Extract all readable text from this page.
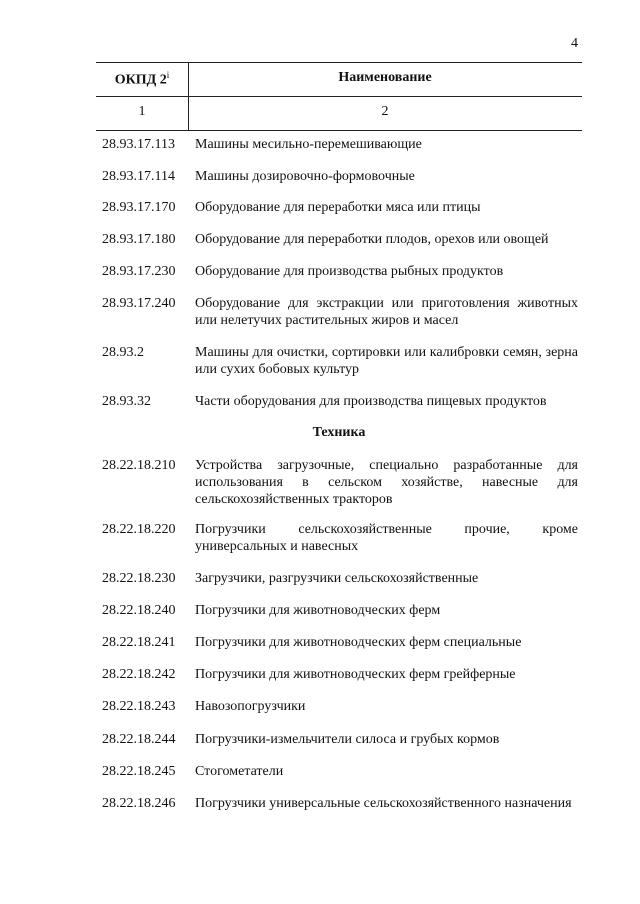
4
ОКПД 2$^i$	Наименование
1	2
28.93.17.113	Машины месильно-перемешивающие
28.93.17.114	Машины дозировочно-формовочные
28.93.17.170	Оборудование для переработки мяса или птицы
28.93.17.180	Оборудование для переработки плодов, орехов или овощей
28.93.17.230	Оборудование для производства рыбных продуктов
28.93.17.240	Оборудование для экстракции или приготовления животных или нелетучих растительных жиров и масел
28.93.2	Машины для очистки, сортировки или калибровки семян, зерна или сухих бобовых культур
28.93.32	Части оборудования для производства пищевых продуктов
Техника
28.22.18.210	Устройства загрузочные, специально разработанные для использования в сельском хозяйстве, навесные для сельскохозяйственных тракторов
28.22.18.220	Погрузчики сельскохозяйственные прочие, кроме универсальных и навесных
28.22.18.230	Загрузчики, разгрузчики сельскохозяйственные
28.22.18.240	Погрузчики для животноводческих ферм
28.22.18.241	Погрузчики для животноводческих ферм специальные
28.22.18.242	Погрузчики для животноводческих ферм грейферные
28.22.18.243	Навозопогрузчики
28.22.18.244	Погрузчики-измельчители силоса и грубых кормов
28.22.18.245	Стогометатели
28.22.18.246	Погрузчики универсальные сельскохозяйственного назначения
